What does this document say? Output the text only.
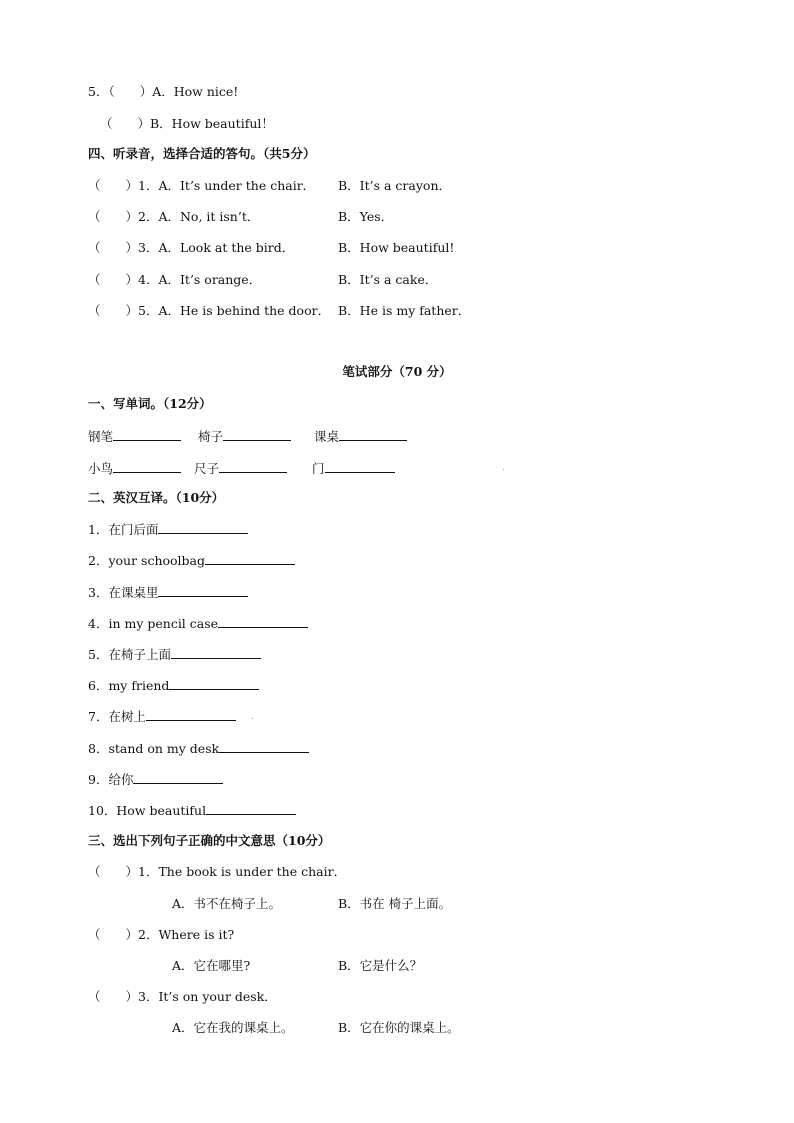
5．（　　）A．How nice!
（　　）B．How beautiful！
四、听录音，选择合适的答句。（共5分）
（　　）1．A．It’s under the chair． B．It’s a crayon．
（　　）2．A．No, it isn’t．	B．Yes．
（　　）3．A．Look at the bird．	B．How beautiful!
（　　）4．A．It’s orange．	B．It’s a cake．
（　　）5．A．He is behind the door． B．He is my father．
笔试部分（70 分）
一、写单词。（12分）
钢笔	椅子	课桌
小鸟	尺子	门	.
二、英汉互译。（10分）
1．在门后面
2．your schoolbag
3．在课桌里
4．in my pencil case
5．在椅子上面
6．my friend
7．在树上	.
8．stand on my desk
9．给你
10．How beautiful
三、选出下列句子正确的中文意思（10分）
（　　）1．The book is under the chair．
A．书不在椅子上。	B．书在 椅子上面。
（　　）2．Where is it?
A．它在哪里?	B．它是什么？
（　　）3．It’s on your desk．
A．它在我的课桌上。	B．它在你的课桌上。
